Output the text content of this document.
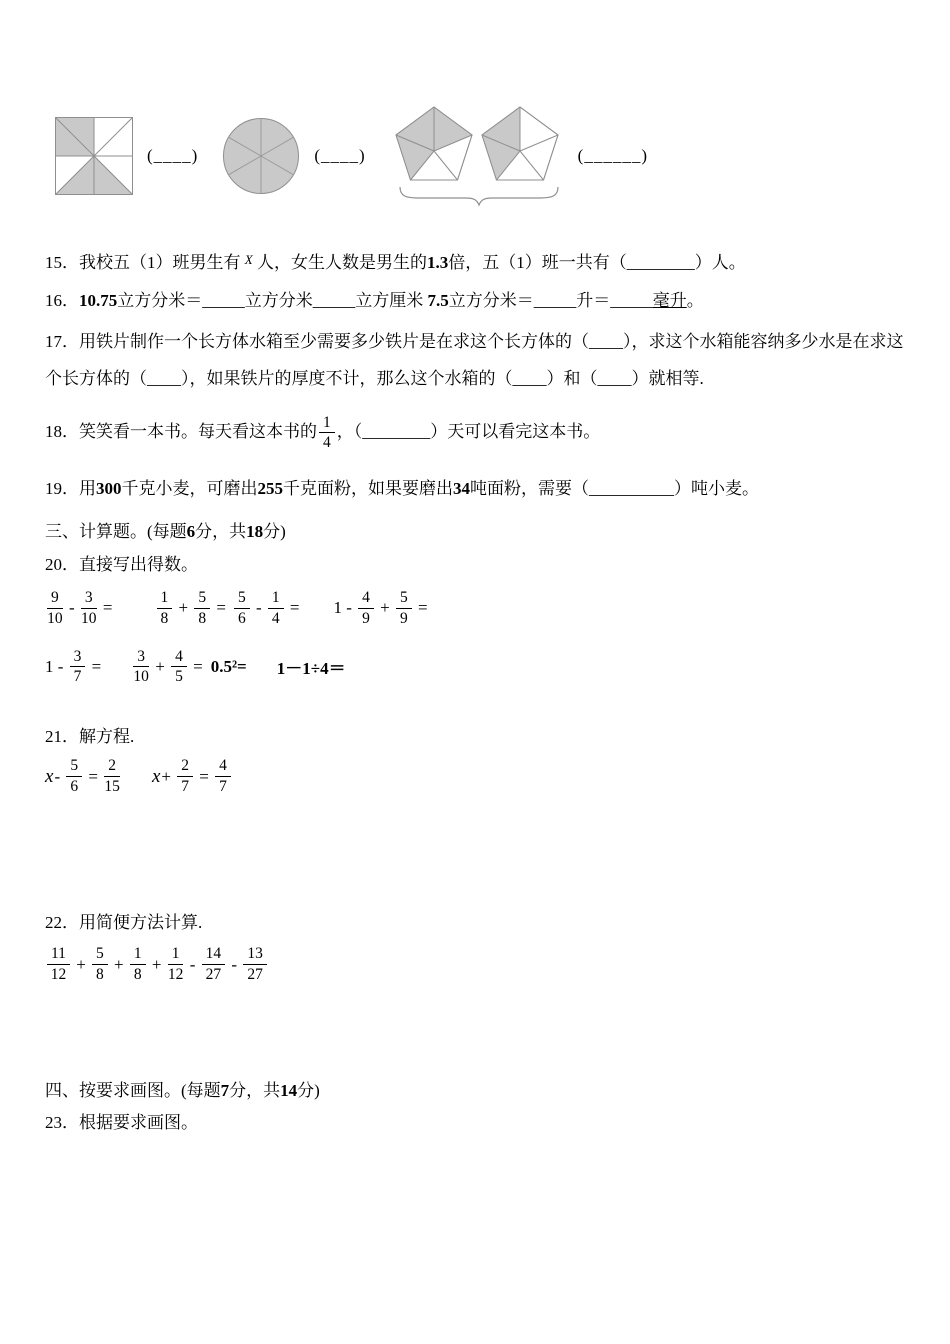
(____)	(____)	(______)

15．我校五（1）班男生有 $^X$ 人，女生人数是男生的1.3倍，五（1）班一共有（________）人。

16．10.75立方分米＝_____立方分米_____立方厘米 7.5立方分米＝_____升＝_____毫升。

17．用铁片制作一个长方体水箱至少需要多少铁片是在求这个长方体的（____），求这个水箱能容纳多少水是在求这个长方体的（____），如果铁片的厚度不计，那么这个水箱的（____）和（____）就相等.

18．笑笑看一本书。每天看这本书的 $\frac{1}{4}$ ，（________）天可以看完这本书。

19．用300千克小麦，可磨出255千克面粉，如果要磨出34吨面粉，需要（__________）吨小麦。

三、计算题。(每题6分，共18分)

20．直接写出得数。

$\frac{9}{10} - \frac{3}{10}$ =	$\frac{1}{8} + \frac{5}{8} = \frac{5}{6} - \frac{1}{4} = 1 - \frac{4}{9} + \frac{5}{9}$ =
$1 - \frac{3}{7} = \frac{3}{10} + \frac{4}{5} = 0.5^2= 1-1\div 4=$

21．解方程.

$x - \frac{5}{6} = \frac{2}{15}$ $x + \frac{2}{7} = \frac{4}{7}$

22．用简便方法计算.

$\frac{11}{12} + \frac{5}{8} + \frac{1}{8} + \frac{1}{12} - \frac{14}{27} - \frac{13}{27}$

四、按要求画图。(每题7分，共14分)

23．根据要求画图。
